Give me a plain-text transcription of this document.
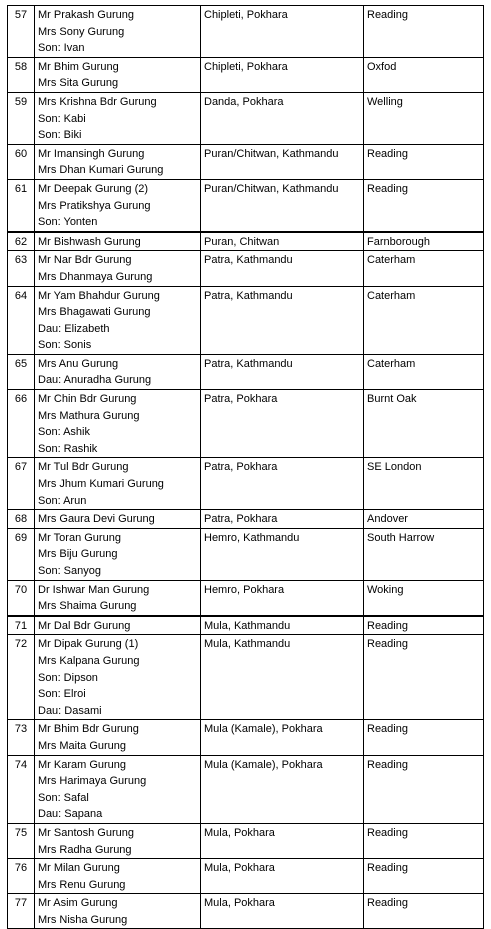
57	Mr Prakash Gurung
Mrs Sony Gurung
Son: Ivan	Chipleti, Pokhara	Reading
58	Mr Bhim Gurung
Mrs Sita Gurung	Chipleti, Pokhara	Oxfod
59	Mrs Krishna Bdr Gurung
Son: Kabi
Son: Biki	Danda, Pokhara	Welling
60	Mr Imansingh Gurung
Mrs Dhan Kumari Gurung	Puran/Chitwan, Kathmandu	Reading
61	Mr Deepak Gurung (2)
Mrs Pratikshya Gurung
Son: Yonten	Puran/Chitwan, Kathmandu	Reading
62	Mr Bishwash Gurung	Puran, Chitwan	Farnborough
63	Mr Nar Bdr Gurung
Mrs Dhanmaya Gurung	Patra, Kathmandu	Caterham
64	Mr Yam Bhahdur Gurung
Mrs Bhagawati Gurung
Dau: Elizabeth
Son: Sonis	Patra, Kathmandu	Caterham
65	Mrs Anu Gurung
Dau: Anuradha Gurung	Patra, Kathmandu	Caterham
66	Mr Chin Bdr Gurung
Mrs Mathura Gurung
Son: Ashik
Son: Rashik	Patra, Pokhara	Burnt Oak
67	Mr Tul Bdr Gurung
Mrs Jhum Kumari Gurung
Son: Arun	Patra, Pokhara	SE London
68	Mrs Gaura Devi Gurung	Patra, Pokhara	Andover
69	Mr Toran Gurung
Mrs Biju Gurung
Son: Sanyog	Hemro, Kathmandu	South Harrow
70	Dr Ishwar Man Gurung
Mrs Shaima Gurung	Hemro, Pokhara	Woking
71	Mr Dal Bdr Gurung	Mula, Kathmandu	Reading
72	Mr Dipak Gurung (1)
Mrs Kalpana Gurung
Son: Dipson
Son: Elroi
Dau: Dasami	Mula, Kathmandu	Reading
73	Mr Bhim Bdr Gurung
Mrs Maita Gurung	Mula (Kamale), Pokhara	Reading
74	Mr Karam Gurung
Mrs Harimaya Gurung
Son: Safal
Dau: Sapana	Mula (Kamale), Pokhara	Reading
75	Mr Santosh Gurung
Mrs Radha Gurung	Mula, Pokhara	Reading
76	Mr Milan Gurung
Mrs Renu Gurung	Mula, Pokhara	Reading
77	Mr Asim Gurung
Mrs Nisha Gurung	Mula, Pokhara	Reading
